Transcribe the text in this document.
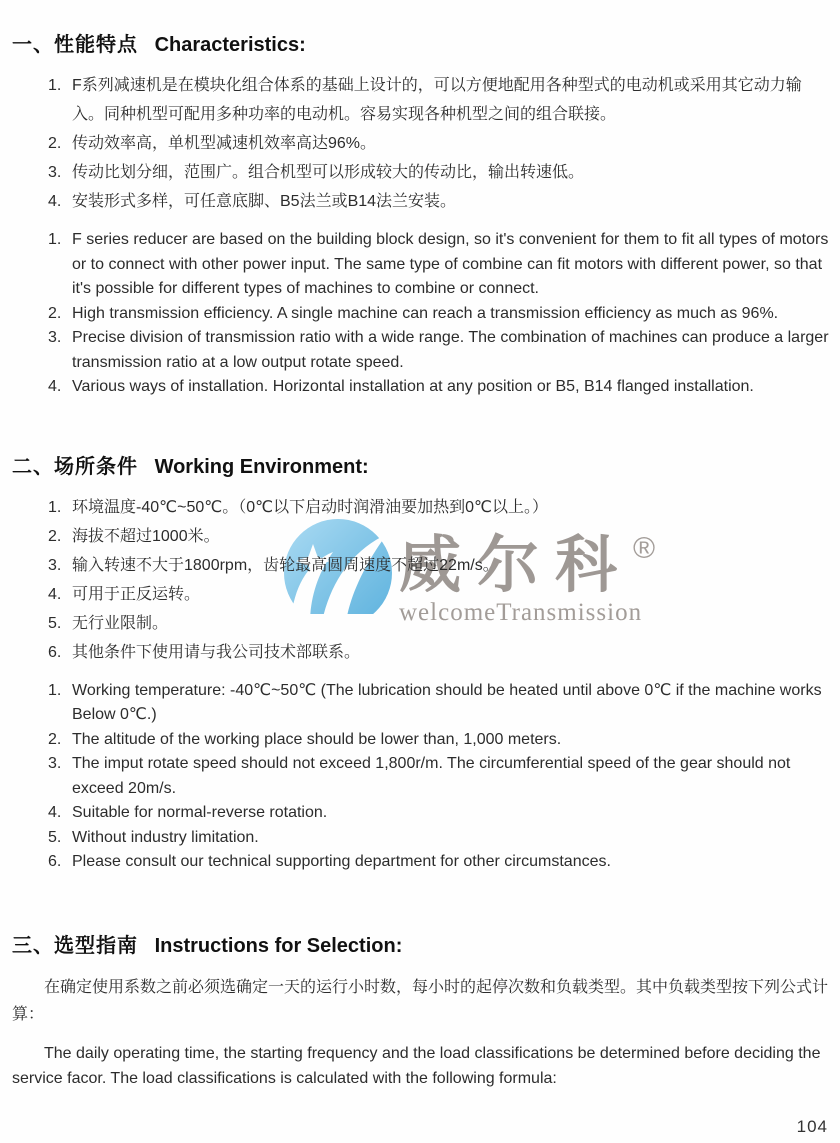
威尔科®
welcomeTransmission
一、性能特点 Characteristics:
1. F系列减速机是在模块化组合体系的基础上设计的，可以方便地配用各种型式的电动机或采用其它动力输入。同种机型可配用多种功率的电动机。容易实现各种机型之间的组合联接。
2. 传动效率高，单机型减速机效率高达96%。
3. 传动比划分细，范围广。组合机型可以形成较大的传动比，输出转速低。
4. 安装形式多样，可任意底脚、B5法兰或B14法兰安装。
1. F series reducer are based on the building block design, so it's convenient for them to fit all types of motors or to connect with other power input. The same type of combine can fit motors with different power, so that it's possible for different types of machines to combine or connect.
2. High transmission efficiency. A single machine can reach a transmission efficiency as much as 96%.
3. Precise division of transmission ratio with a wide range. The combination of machines can produce a larger transmission ratio at a low output rotate speed.
4. Various ways of installation. Horizontal installation at any position or B5, B14 flanged installation.
二、场所条件 Working Environment:
1. 环境温度-40℃~50℃。（0℃以下启动时润滑油要加热到0℃以上。）
2. 海拔不超过1000米。
3. 输入转速不大于1800rpm，齿轮最高圆周速度不超过22m/s。
4. 可用于正反运转。
5. 无行业限制。
6. 其他条件下使用请与我公司技术部联系。
1. Working temperature: -40℃~50℃ (The lubrication should be heated until above 0℃ if the machine works Below 0℃.)
2. The altitude of the working place should be lower than, 1,000 meters.
3. The imput rotate speed should not exceed 1,800r/m. The circumferential speed of the gear should not exceed 20m/s.
4. Suitable for normal-reverse rotation.
5. Without industry limitation.
6. Please consult our technical supporting department for other circumstances.
三、选型指南 Instructions for Selection:

在确定使用系数之前必须选确定一天的运行小时数，每小时的起停次数和负载类型。其中负载类型按下列公式计算：

The daily operating time, the starting frequency and the load classifications be determined before deciding the service facor. The load classifications is calculated with the following formula:

104
